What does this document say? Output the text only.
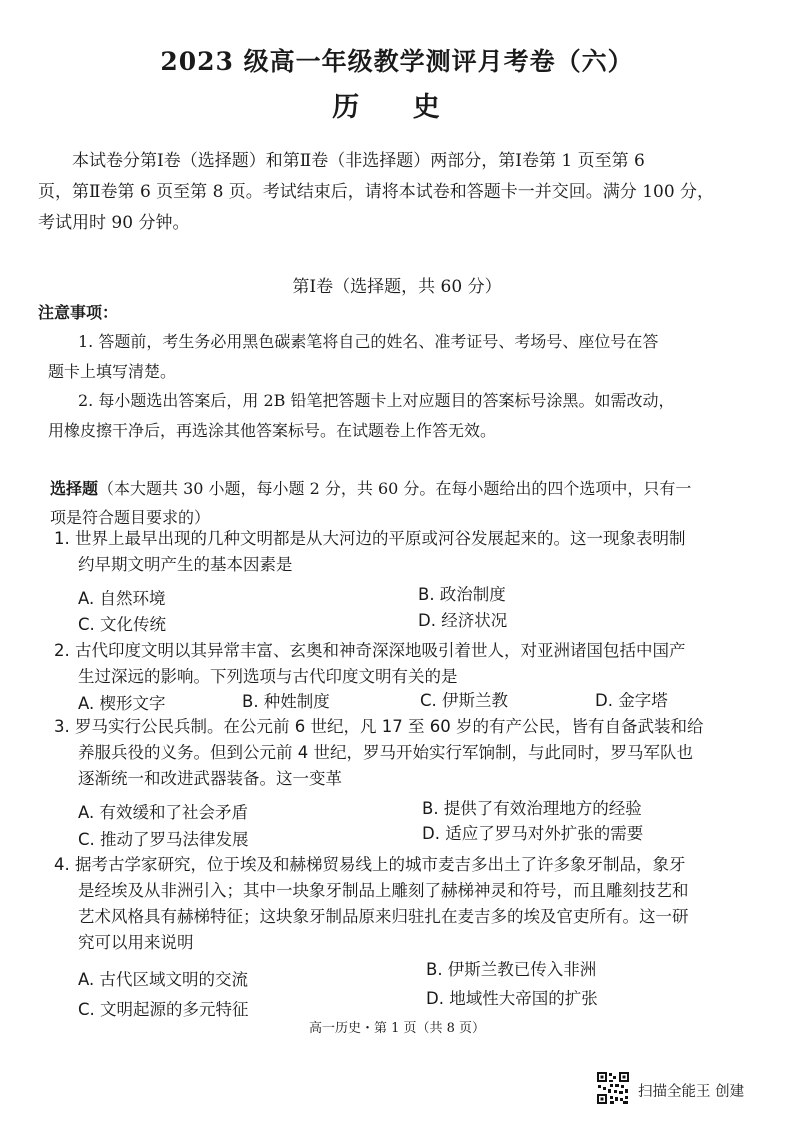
2023 级高一年级教学测评月考卷（六）
历 史
本试卷分第Ⅰ卷（选择题）和第Ⅱ卷（非选择题）两部分，第Ⅰ卷第 1 页至第 6
页，第Ⅱ卷第 6 页至第 8 页。考试结束后，请将本试卷和答题卡一并交回。满分 100 分，
考试用时 90 分钟。
第Ⅰ卷（选择题，共 60 分）
注意事项：
1. 答题前，考生务必用黑色碳素笔将自己的姓名、准考证号、考场号、座位号在答
题卡上填写清楚。
2. 每小题选出答案后，用 2B 铅笔把答题卡上对应题目的答案标号涂黑。如需改动，
用橡皮擦干净后，再选涂其他答案标号。在试题卷上作答无效。
选择题（本大题共 30 小题，每小题 2 分，共 60 分。在每小题给出的四个选项中，只有一
项是符合题目要求的）
1. 世界上最早出现的几种文明都是从大河边的平原或河谷发展起来的。这一现象表明制
约早期文明产生的基本因素是
A. 自然环境	B. 政治制度
C. 文化传统	D. 经济状况
2. 古代印度文明以其异常丰富、玄奥和神奇深深地吸引着世人，对亚洲诸国包括中国产
生过深远的影响。下列选项与古代印度文明有关的是
A. 楔形文字	B. 种姓制度	C. 伊斯兰教	D. 金字塔
3. 罗马实行公民兵制。在公元前 6 世纪，凡 17 至 60 岁的有产公民，皆有自备武装和给
养服兵役的义务。但到公元前 4 世纪，罗马开始实行军饷制，与此同时，罗马军队也
逐渐统一和改进武器装备。这一变革
A. 有效缓和了社会矛盾	B. 提供了有效治理地方的经验
C. 推动了罗马法律发展	D. 适应了罗马对外扩张的需要
4. 据考古学家研究，位于埃及和赫梯贸易线上的城市麦吉多出土了许多象牙制品，象牙
是经埃及从非洲引入；其中一块象牙制品上雕刻了赫梯神灵和符号，而且雕刻技艺和
艺术风格具有赫梯特征；这块象牙制品原来归驻扎在麦吉多的埃及官吏所有。这一研
究可以用来说明
A. 古代区域文明的交流
B. 伊斯兰教已传入非洲
C. 文明起源的多元特征
D. 地域性大帝国的扩张
高一历史・第 1 页（共 8 页）
扫描全能王 创建
